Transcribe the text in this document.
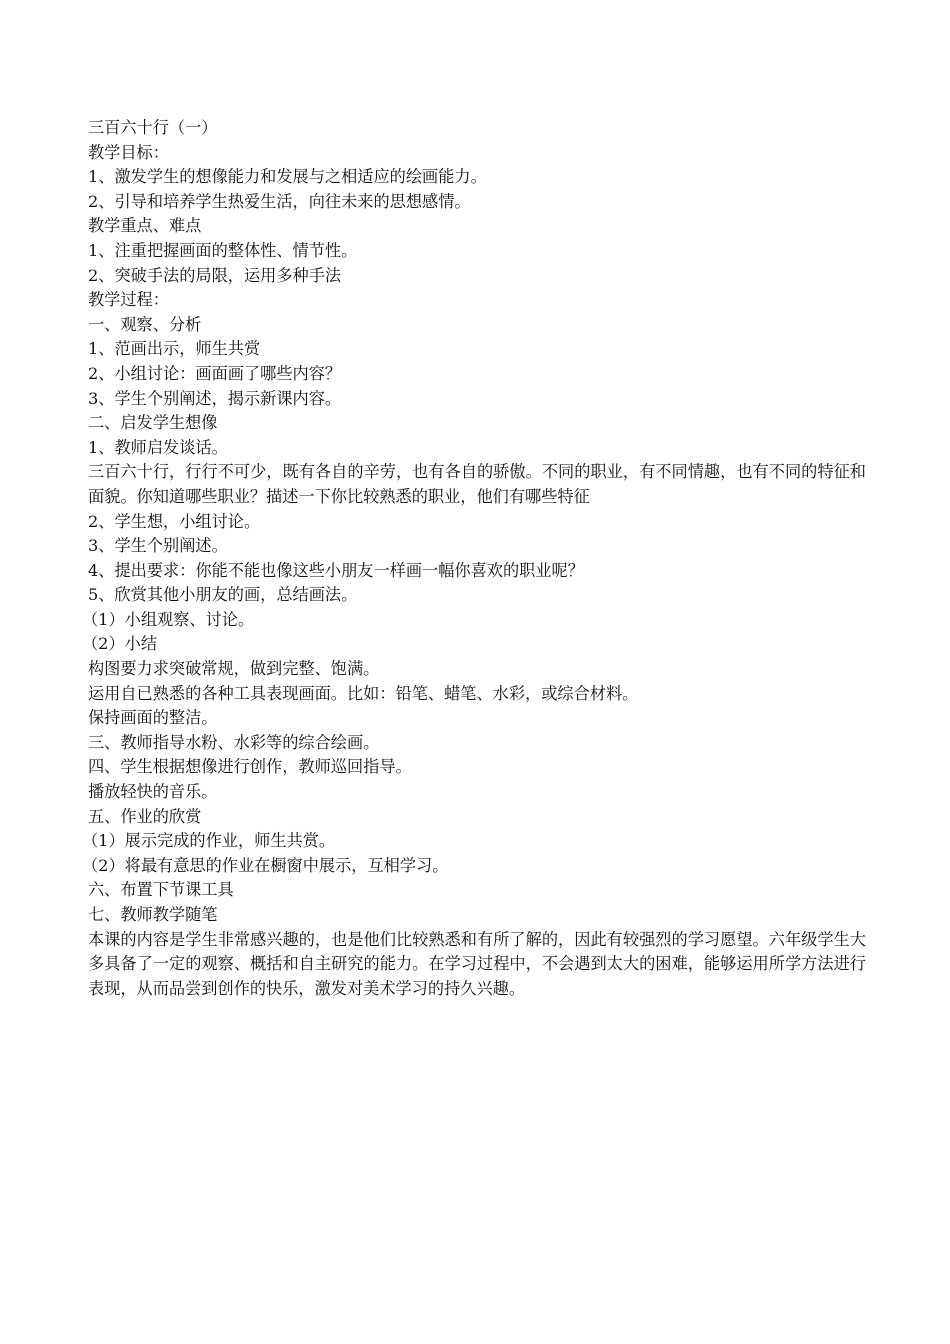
三百六十行（一）
教学目标：
1、激发学生的想像能力和发展与之相适应的绘画能力。
2、引导和培养学生热爱生活，向往未来的思想感情。
教学重点、难点
1、注重把握画面的整体性、情节性。
2、突破手法的局限，运用多种手法
教学过程：
一、观察、分析
1、范画出示，师生共赏
2、小组讨论：画面画了哪些内容？
3、学生个别阐述，揭示新课内容。
二、启发学生想像
1、教师启发谈话。
三百六十行，行行不可少，既有各自的辛劳，也有各自的骄傲。不同的职业，有不同情趣，也有不同的特征和面貌。你知道哪些职业？描述一下你比较熟悉的职业，他们有哪些特征
2、学生想，小组讨论。
3、学生个别阐述。
4、提出要求：你能不能也像这些小朋友一样画一幅你喜欢的职业呢？
5、欣赏其他小朋友的画，总结画法。
（1）小组观察、讨论。
（2）小结
构图要力求突破常规，做到完整、饱满。
运用自已熟悉的各种工具表现画面。比如：铅笔、蜡笔、水彩，或综合材料。
保持画面的整洁。
三、教师指导水粉、水彩等的综合绘画。
四、学生根据想像进行创作，教师巡回指导。
播放轻快的音乐。
五、作业的欣赏
（1）展示完成的作业，师生共赏。
（2）将最有意思的作业在橱窗中展示，互相学习。
六、布置下节课工具
七、教师教学随笔
本课的内容是学生非常感兴趣的，也是他们比较熟悉和有所了解的，因此有较强烈的学习愿望。六年级学生大多具备了一定的观察、概括和自主研究的能力。在学习过程中，不会遇到太大的困难，能够运用所学方法进行表现，从而品尝到创作的快乐，激发对美术学习的持久兴趣。
